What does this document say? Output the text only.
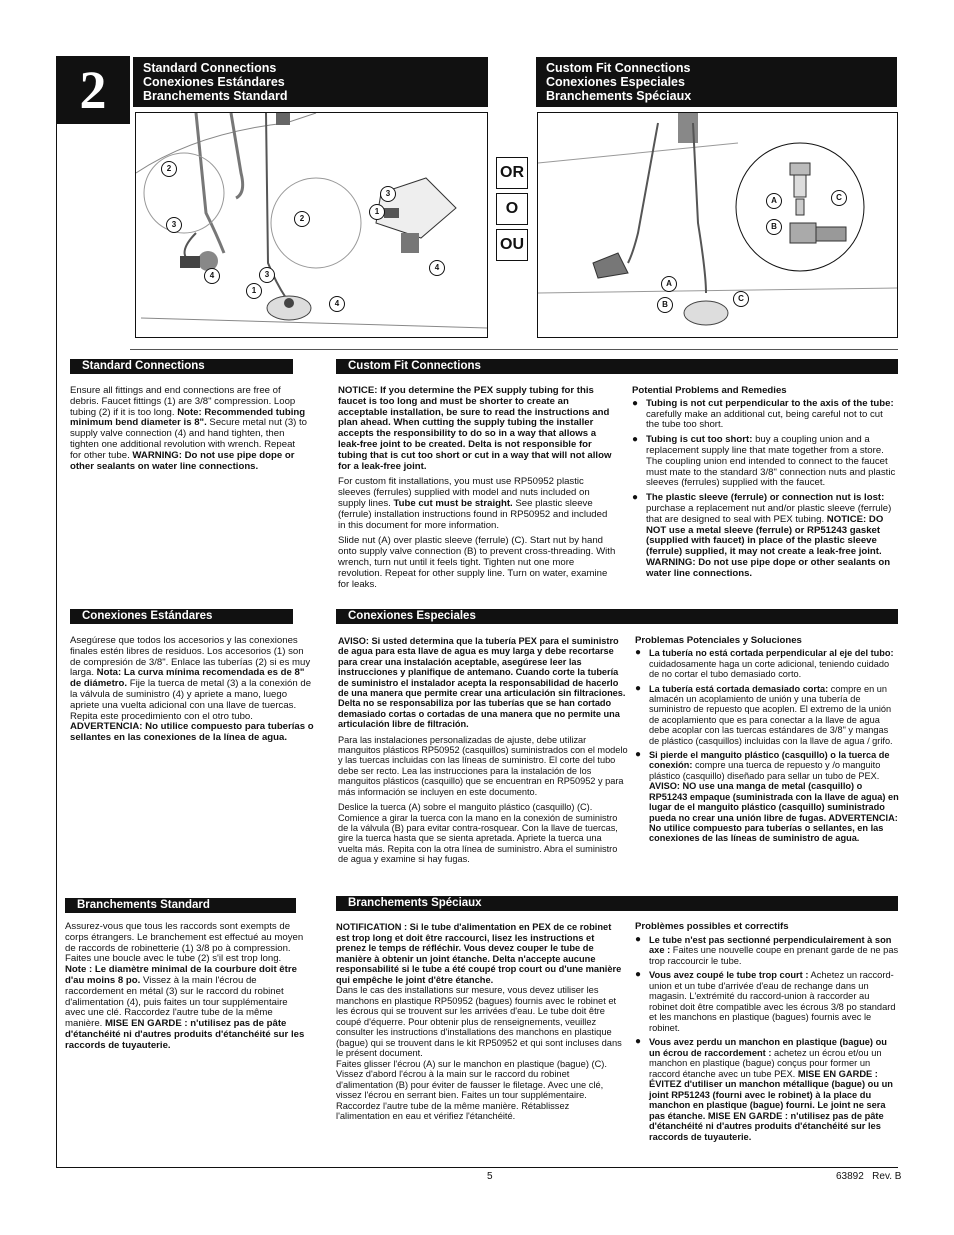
2	Standard Connections
Conexiones Estándares
Branchements Standard
Custom Fit Connections
Conexiones Especiales
Branchements Spéciaux
2
3
4
1
3
2
3
1
4
4
OR
O
OU
A	C
B
A
B
C
Standard Connections	Custom Fit Connections

Ensure all fittings and end connections are free of debris. Faucet fittings (1) are 3/8" compression. Loop tubing (2) if it is too long. Note: Recommended tubing minimum bend diameter is 8". Secure metal nut (3) to supply valve connection (4) and hand tighten, then tighten one additional revolution with wrench. Repeat for other tube. WARNING: Do not use pipe dope or other sealants on water line connections.

NOTICE: If you determine the PEX supply tubing for this faucet is too long and must be shorter to create an acceptable installation, be sure to read the instructions and plan ahead. When cutting the supply tubing the installer accepts the responsibility to do so in a way that allows a leak-free joint to be created. Delta is not responsible for tubing that is cut too short or cut in a way that will not allow for a leak-free joint.

For custom fit installations, you must use RP50952 plastic sleeves (ferrules) supplied with model and nuts included on supply lines. Tube cut must be straight. See plastic sleeve (ferrule) installation instructions found in RP50952 and included in this document for more information.

Slide nut (A) over plastic sleeve (ferrule) (C). Start nut by hand onto supply valve connection (B) to prevent cross-threading. With wrench, turn nut until it feels tight. Tighten nut one more revolution. Repeat for other supply line. Turn on water, examine for leaks.

Potential Problems and Remedies
● Tubing is not cut perpendicular to the axis of the tube: carefully make an additional cut, being careful not to cut the tube too short.
● Tubing is cut too short: buy a coupling union and a replacement supply line that mate together from a store. The coupling union end intended to connect to the faucet must mate to the standard 3/8" connection nuts and plastic sleeves (ferrules) supplied with the faucet.
● The plastic sleeve (ferrule) or connection nut is lost: purchase a replacement nut and/or plastic sleeve (ferrule) that are designed to seal with PEX tubing. NOTICE: DO NOT use a metal sleeve (ferrule) or RP51243 gasket (supplied with faucet) in place of the plastic sleeve (ferrule) supplied, it may not create a leak-free joint. WARNING: Do not use pipe dope or other sealants on water line connections.
Conexiones Estándares	Conexiones Especiales

Asegúrese que todos los accesorios y las conexiones finales estén libres de residuos. Los accesorios (1) son de compresión de 3/8". Enlace las tuberías (2) si es muy larga. Nota: La curva mínima recomendada es de 8" de diámetro. Fije la tuerca de metal (3) a la conexión de la válvula de suministro (4) y apriete a mano, luego apriete una vuelta adicional con una llave de tuercas. Repita este procedimiento con el otro tubo. ADVERTENCIA: No utilice compuesto para tuberías o sellantes en las conexiones de la línea de agua.

AVISO: Si usted determina que la tubería PEX para el suministro de agua para esta llave de agua es muy larga y debe recortarse para crear una instalación aceptable, asegúrese leer las instrucciones y planifique de antemano. Cuando corte la tubería de suministro el instalador acepta la responsabilidad de hacerlo de una manera que permite crear una articulación sin filtraciones. Delta no se responsabiliza por las tuberías que se han cortado demasiado cortas o cortadas de una manera que no permite una articulación libre de filtración.

Para las instalaciones personalizadas de ajuste, debe utilizar manguitos plásticos RP50952 (casquillos) suministrados con el modelo y las tuercas incluidas con las líneas de suministro. El corte del tubo debe ser recto. Lea las instrucciones para la instalación de los manguitos plásticos (casquillo) que se encuentran en RP50952 y para más información se incluyen en este documento.

Deslice la tuerca (A) sobre el manguito plástico (casquillo) (C). Comience a girar la tuerca con la mano en la conexión de suministro de la válvula (B) para evitar contra-rosquear. Con la llave de tuercas, gire la tuerca hasta que se sienta apretada. Apriete la tuerca una vuelta más. Repita con la otra línea de suministro. Abra el suministro de agua y examine si hay fugas.

Problemas Potenciales y Soluciones
● La tubería no está cortada perpendicular al eje del tubo: cuidadosamente haga un corte adicional, teniendo cuidado de no cortar el tubo demasiado corto.
● La tubería está cortada demasiado corta: compre en un almacén un acoplamiento de unión y una tubería de suministro de repuesto que acoplen. El extremo de la unión de acoplamiento que es para conectar a la llave de agua debe acoplar con las tuercas estándares de 3/8" y mangas de plástico (casquillos) incluidas con la llave de agua / grifo.
● Si pierde el manguito plástico (casquillo) o la tuerca de conexión: compre una tuerca de repuesto y /o manguito plástico (casquillo) diseñado para sellar un tubo de PEX. AVISO: NO use una manga de metal (casquillo) o RP51243 empaque (suministrada con la llave de agua) en lugar de el manguito plástico (casquillo) suministrado pueda no crear una unión libre de fugas. ADVERTENCIA: No utilice compuesto para tuberías o sellantes, en las conexiones de las líneas de suministro de agua.
Branchements Standard	Branchements Spéciaux

Assurez-vous que tous les raccords sont exempts de corps étrangers. Le branchement est effectué au moyen de raccords de robinetterie (1) 3/8 po à compression. Faites une boucle avec le tube (2) s'il est trop long. Note : Le diamètre minimal de la courbure doit être d'au moins 8 po. Vissez à la main l'écrou de raccordement en métal (3) sur le raccord du robinet d'alimentation (4), puis faites un tour supplémentaire avec une clé. Raccordez l'autre tube de la même manière. MISE EN GARDE : n'utilisez pas de pâte d'étanchéité ni d'autres produits d'étanchéité sur les raccords de tuyauterie.

NOTIFICATION : Si le tube d'alimentation en PEX de ce robinet est trop long et doit être raccourci, lisez les instructions et prenez le temps de réfléchir. Vous devez couper le tube de manière à obtenir un joint étanche. Delta n'accepte aucune responsabilité si le tube a été coupé trop court ou d'une manière qui empêche le joint d'être étanche.

Dans le cas des installations sur mesure, vous devez utiliser les manchons en plastique RP50952 (bagues) fournis avec le robinet et les écrous qui se trouvent sur les arrivées d'eau. Le tube doit être coupé d'équerre. Pour obtenir plus de renseignements, veuillez consulter les instructions d'installations des manchons en plastique (bague) qui se trouvent dans le kit RP50952 et qui sont incluses dans le présent document.

Faites glisser l'écrou (A) sur le manchon en plastique (bague) (C). Vissez d'abord l'écrou à la main sur le raccord du robinet d'alimentation (B) pour éviter de fausser le filetage. Avec une clé, vissez l'écrou en serrant bien. Faites un tour supplémentaire. Raccordez l'autre tube de la même manière. Rétablissez l'alimentation en eau et vérifiez l'étanchéité.

Problèmes possibles et correctifs
● Le tube n'est pas sectionné perpendiculairement à son axe : Faites une nouvelle coupe en prenant garde de ne pas trop raccourcir le tube.
● Vous avez coupé le tube trop court : Achetez un raccord-union et un tube d'arrivée d'eau de rechange dans un magasin. L'extrémité du raccord-union à raccorder au robinet doit être compatible avec les écrous 3/8 po standard et les manchons en plastique (bagues) fournis avec le robinet.
● Vous avez perdu un manchon en plastique (bague) ou un écrou de raccordement : achetez un écrou et/ou un manchon en plastique (bague) conçus pour former un raccord étanche avec un tube PEX. MISE EN GARDE : ÉVITEZ d'utiliser un manchon métallique (bague) ou un joint RP51243 (fourni avec le robinet) à la place du manchon en plastique (bague) fourni. Le joint ne sera pas étanche. MISE EN GARDE : n'utilisez pas de pâte d'étanchéité ni d'autres produits d'étanchéité sur les raccords de tuyauterie.
5	63892 Rev. B
